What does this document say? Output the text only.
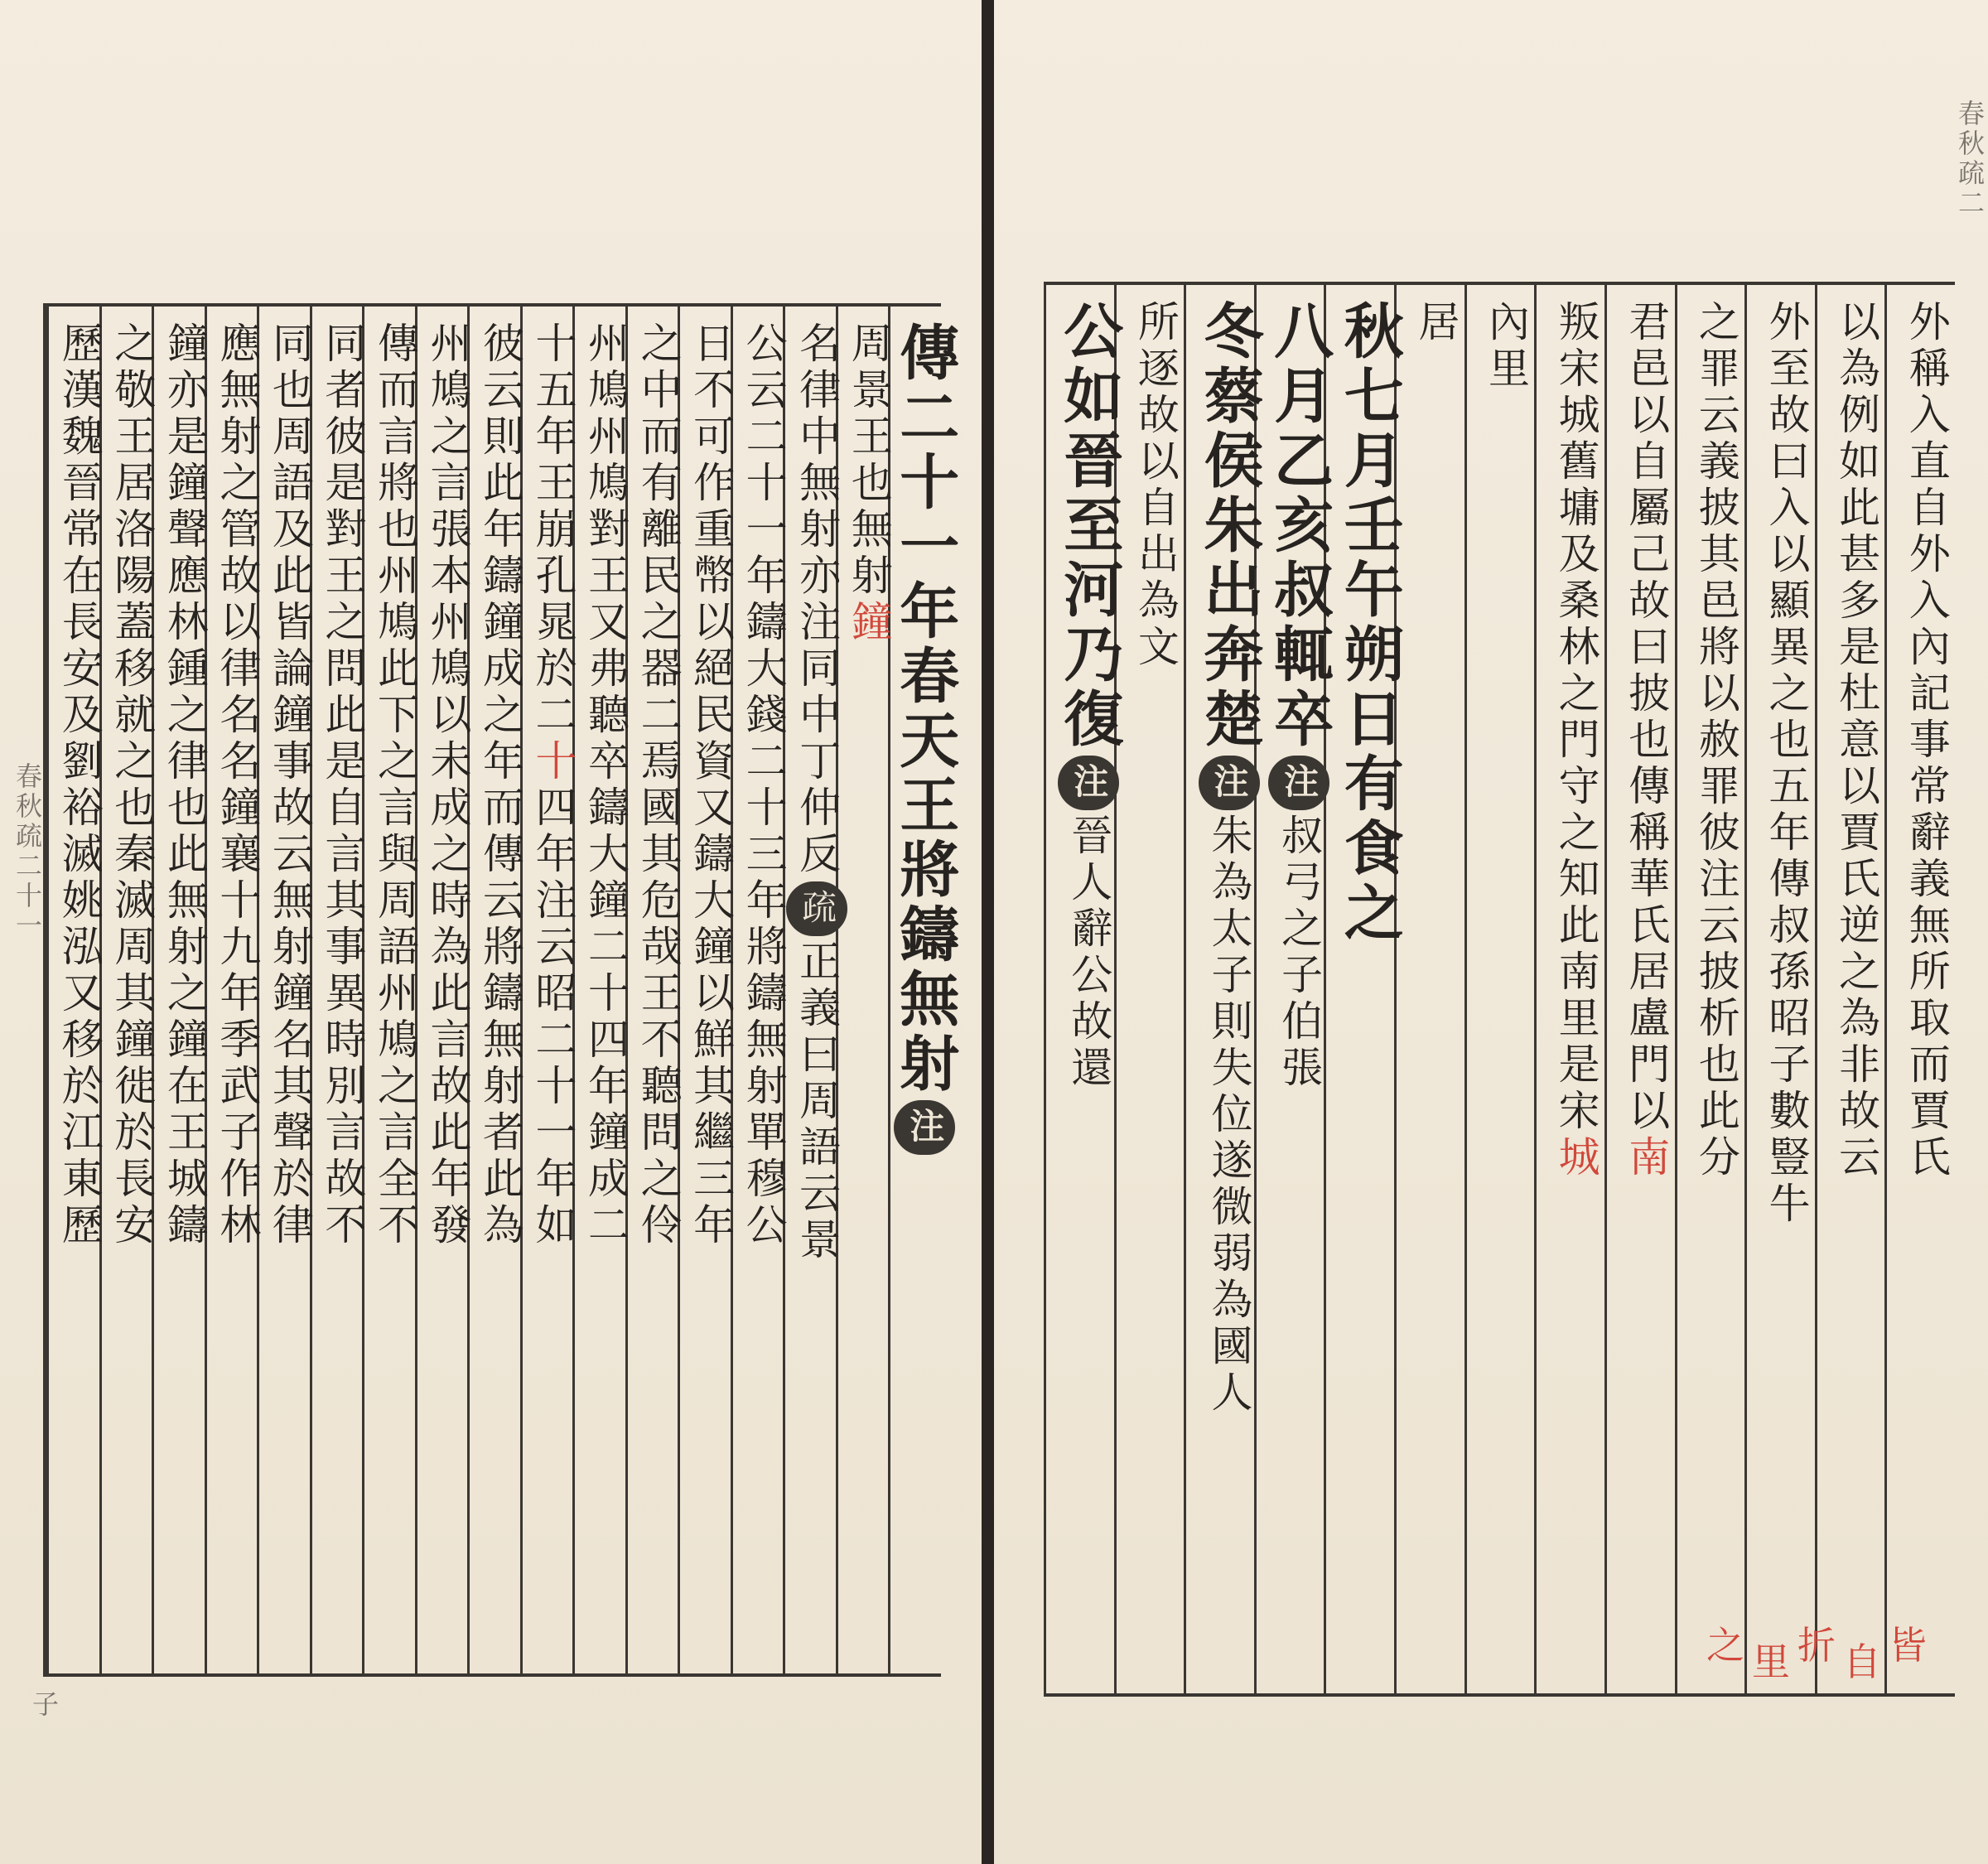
春秋疏二十一	傳二十一年春天王將鑄無射注
周景王也無射鐘
名律中無射亦注同中丁仲反疏正義曰周語云景
公云二十一年鑄大錢二十三年將鑄無射單穆公
日不可作重幣以絕民資又鑄大鐘以鮮其繼三年
之中而有離民之器二焉國其危哉王不聽問之伶
州鳩州鳩對王又弗聽卒鑄大鐘二十四年鐘成二
十五年王崩孔晁於二十四年注云昭二十一年如
彼云則此年鑄鐘成之年而傳云將鑄無射者此為
州鳩之言張本州鳩以未成之時為此言故此年發
傳而言將也州鳩此下之言與周語州鳩之言全不
同者彼是對王之問此是自言其事異時別言故不
同也周語及此皆論鐘事故云無射鐘名其聲於律
應無射之管故以律名名鐘襄十九年季武子作林
鐘亦是鐘聲應林鍾之律也此無射之鐘在王城鑄
之敬王居洛陽蓋移就之也秦滅周其鐘徙於長安
歷漢魏晉常在長安及劉裕滅姚泓又移於江東歷
子
春秋疏二
外稱入直自外入內記事常辭義無所取而賈氏
以為例如此甚多是杜意以賈氏逆之為非故云
外至故曰入以顯異之也五年傳叔孫昭子數豎牛
之罪云義披其邑將以赦罪彼注云披析也此分
君邑以自屬己故曰披也傳稱華氏居盧門以南
叛宋城舊墉及桑林之門守之知此南里是宋城
內里
居
秋七月壬午朔日有食之
八月乙亥叔輒卒注叔弓之子伯張
冬蔡侯朱出奔楚注朱為太子則失位遂微弱為國人
所逐故以自出為文
公如晉至河乃復注晉人辭公故還
皆
自
折
里
之
